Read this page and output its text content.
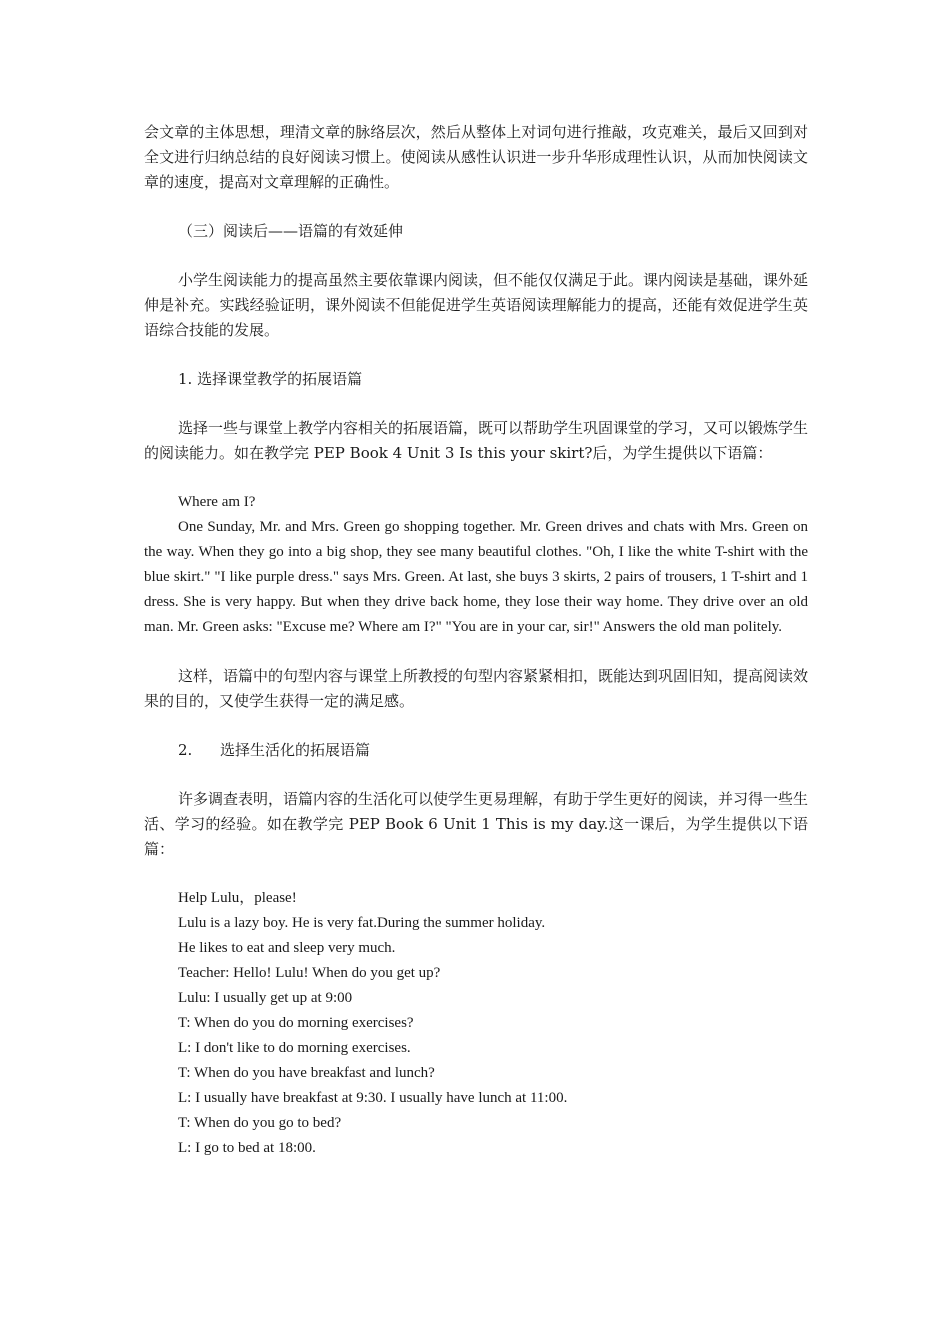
会文章的主体思想，理清文章的脉络层次，然后从整体上对词句进行推敲，攻克难关，最后又回到对全文进行归纳总结的良好阅读习惯上。使阅读从感性认识进一步升华形成理性认识，从而加快阅读文章的速度，提高对文章理解的正确性。

（三）阅读后——语篇的有效延伸

小学生阅读能力的提高虽然主要依靠课内阅读，但不能仅仅满足于此。课内阅读是基础，课外延伸是补充。实践经验证明，课外阅读不但能促进学生英语阅读理解能力的提高，还能有效促进学生英语综合技能的发展。

1. 选择课堂教学的拓展语篇

选择一些与课堂上教学内容相关的拓展语篇，既可以帮助学生巩固课堂的学习，又可以锻炼学生的阅读能力。如在教学完 PEP Book 4 Unit 3 Is this your skirt?后，为学生提供以下语篇：

Where am I?

One Sunday, Mr. and Mrs. Green go shopping together. Mr. Green drives and chats with Mrs. Green on the way. When they go into a big shop, they see many beautiful clothes. "Oh, I like the white T-shirt with the blue skirt." "I like purple dress." says Mrs. Green. At last, she buys 3 skirts, 2 pairs of trousers, 1 T-shirt and 1 dress. She is very happy. But when they drive back home, they lose their way home. They drive over an old man. Mr. Green asks: "Excuse me? Where am I?" "You are in your car, sir!" Answers the old man politely.

这样，语篇中的句型内容与课堂上所教授的句型内容紧紧相扣，既能达到巩固旧知，提高阅读效果的目的，又使学生获得一定的满足感。

2. 选择生活化的拓展语篇

许多调查表明，语篇内容的生活化可以使学生更易理解，有助于学生更好的阅读，并习得一些生活、学习的经验。如在教学完 PEP Book 6 Unit 1 This is my day.这一课后，为学生提供以下语篇：

Help Lulu，please!

Lulu is a lazy boy. He is very fat.During the summer holiday.

He likes to eat and sleep very much.

Teacher: Hello! Lulu! When do you get up?

Lulu: I usually get up at 9:00

T: When do you do morning exercises?

L: I don't like to do morning exercises.

T: When do you have breakfast and lunch?

L: I usually have breakfast at 9:30. I usually have lunch at 11:00.

T: When do you go to bed?

L: I go to bed at 18:00.
